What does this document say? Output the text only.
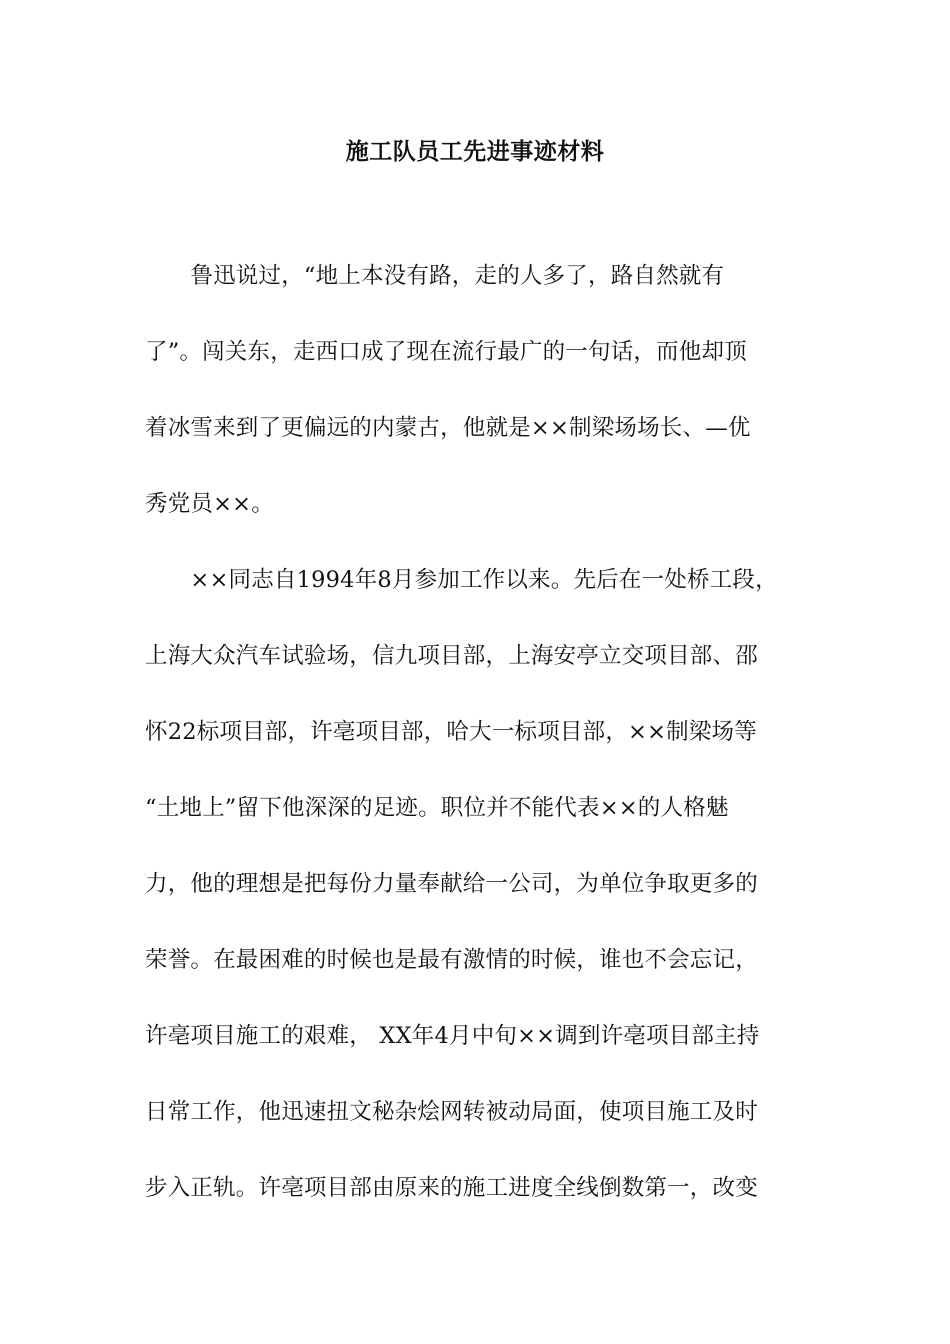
施工队员工先进事迹材料
　　鲁迅说过，“地上本没有路，走的人多了，路自然就有
了”。闯关东，走西口成了现在流行最广的一句话，而他却顶
着冰雪来到了更偏远的内蒙古，他就是××制梁场场长、—优
秀党员××。
　　××同志自1994年8月参加工作以来。先后在一处桥工段，
上海大众汽车试验场，信九项目部，上海安亭立交项目部、邵
怀22标项目部，许亳项目部，哈大一标项目部，××制梁场等
“土地上”留下他深深的足迹。职位并不能代表××的人格魅
力，他的理想是把每份力量奉献给一公司，为单位争取更多的
荣誉。在最困难的时候也是最有激情的时候，谁也不会忘记，
许亳项目施工的艰难， XX年4月中旬××调到许亳项目部主持
日常工作，他迅速扭文秘杂烩网转被动局面，使项目施工及时
步入正轨。许亳项目部由原来的施工进度全线倒数第一，改变
